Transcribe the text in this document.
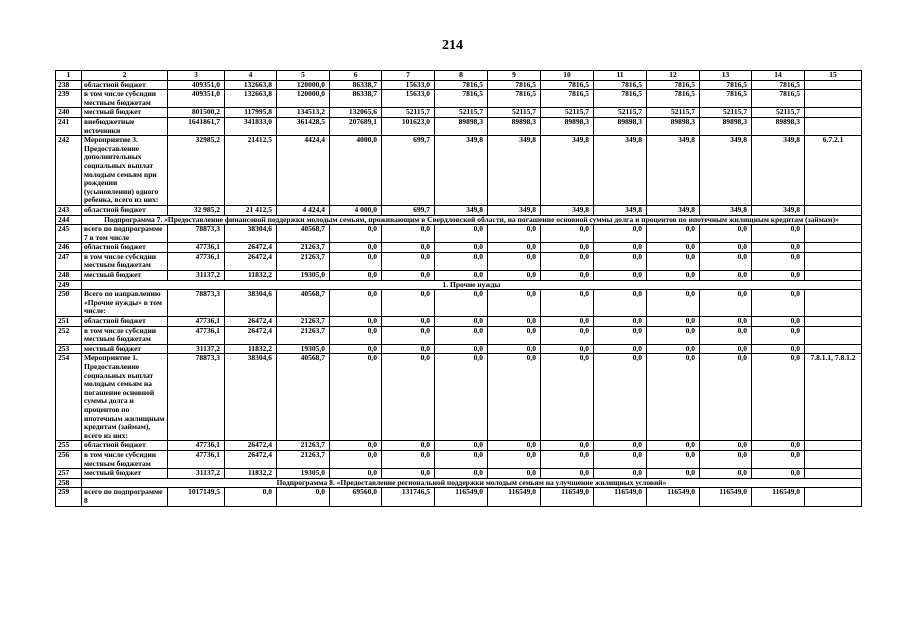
214
1	2	3	4	5	6	7	8	9	10	11	12	13	14	15
238	областной бюджет	409351,0	132663,8	120000,0	86338,7	15633,0	7816,5	7816,5	7816,5	7816,5	7816,5	7816,5	7816,5	
239	в том числе субсидии местным бюджетам	409351,0	132663,8	120000,0	86338,7	15633,0	7816,5	7816,5	7816,5	7816,5	7816,5	7816,5	7816,5	
240	местный бюджет	801500,2	117995,8	134513,2	132065,6	52115,7	52115,7	52115,7	52115,7	52115,7	52115,7	52115,7	52115,7	
241	внебюджетные источники	1641861,7	341833,0	361428,5	207689,1	101623,0	89898,3	89898,3	89898,3	89898,3	89898,3	89898,3	89898,3	
242	Мероприятие 3. Предоставление дополнительных социальных выплат молодым семьям при рождении (усыновлении) одного ребенка, всего из них:	32985,2	21412,5	4424,4	4000,0	699,7	349,8	349,8	349,8	349,8	349,8	349,8	349,8	6.7.2.1
243	областной бюджет	32 985,2	21 412,5	4 424,4	4 000,0	699,7	349,8	349,8	349,8	349,8	349,8	349,8	349,8	
244	Подпрограмма 7. «Предоставление финансовой поддержки молодым семьям, проживающим в Свердловской области, на погашение основной суммы долга и процентов по ипотечным жилищным кредитам (займам)»													
245	всего по подпрограмме 7 в том числе	78873,3	38304,6	40568,7	0,0	0,0	0,0	0,0	0,0	0,0	0,0	0,0	0,0	
246	областной бюджет	47736,1	26472,4	21263,7	0,0	0,0	0,0	0,0	0,0	0,0	0,0	0,0	0,0	
247	в том числе субсидии местным бюджетам	47736,1	26472,4	21263,7	0,0	0,0	0,0	0,0	0,0	0,0	0,0	0,0	0,0	
248	местный бюджет	31137,2	11832,2	19305,0	0,0	0,0	0,0	0,0	0,0	0,0	0,0	0,0	0,0	
249	1. Прочие нужды													
250	Всего по направлению «Прочие нужды» в том числе:	78873,3	38304,6	40568,7	0,0	0,0	0,0	0,0	0,0	0,0	0,0	0,0	0,0	
251	областной бюджет	47736,1	26472,4	21263,7	0,0	0,0	0,0	0,0	0,0	0,0	0,0	0,0	0,0	
252	в том числе субсидии местным бюджетам	47736,1	26472,4	21263,7	0,0	0,0	0,0	0,0	0,0	0,0	0,0	0,0	0,0	
253	местный бюджет	31137,2	11832,2	19305,0	0,0	0,0	0,0	0,0	0,0	0,0	0,0	0,0	0,0	
254	Мероприятие 1. Предоставление социальных выплат молодым семьям на погашение основной суммы долга и процентов по ипотечным жилищным кредитам (займам), всего из них:	78873,3	38304,6	40568,7	0,0	0,0	0,0	0,0	0,0	0,0	0,0	0,0	0,0	7.8.1.1, 7.8.1.2
255	областной бюджет	47736,1	26472,4	21263,7	0,0	0,0	0,0	0,0	0,0	0,0	0,0	0,0	0,0	
256	в том числе субсидии местным бюджетам	47736,1	26472,4	21263,7	0,0	0,0	0,0	0,0	0,0	0,0	0,0	0,0	0,0	
257	местный бюджет	31137,2	11832,2	19305,0	0,0	0,0	0,0	0,0	0,0	0,0	0,0	0,0	0,0	
258	Подпрограмма 8. «Предоставление региональной поддержки молодым семьям на улучшение жилищных условий»													
259	всего по подпрограмме 8	1017149,5	0,0	0,0	69560,0	131746,5	116549,0	116549,0	116549,0	116549,0	116549,0	116549,0	116549,0	
